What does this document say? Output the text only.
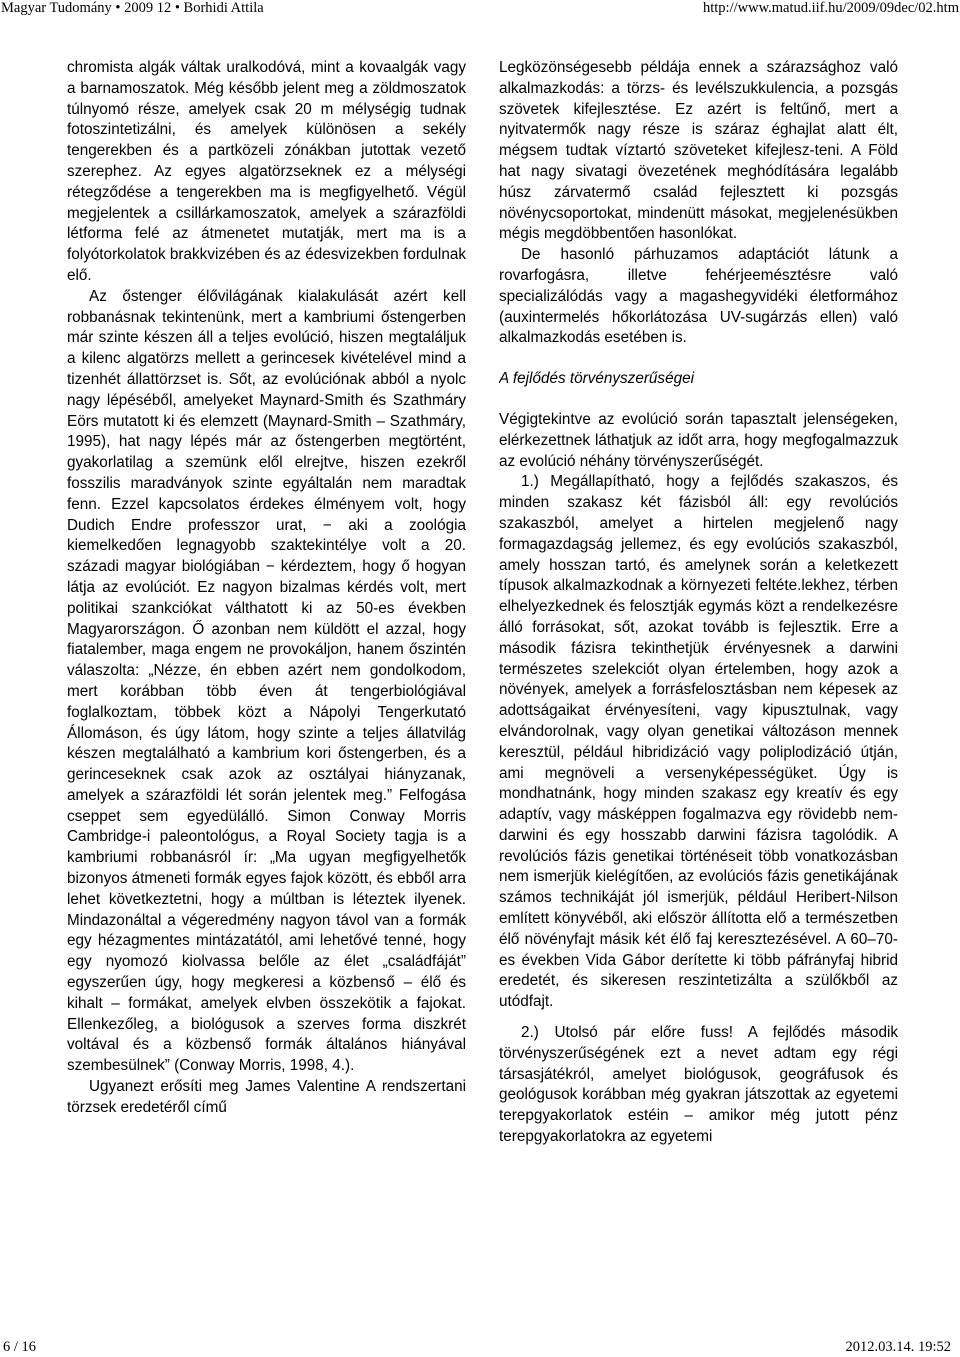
Magyar Tudomány • 2009 12 • Borhidi Attila	http://www.matud.iif.hu/2009/09dec/02.htm

chromista algák váltak uralkodóvá, mint a kovaalgák vagy a barnamoszatok. Még később jelent meg a zöldmoszatok túlnyomó része, amelyek csak 20 m mélységig tudnak fotoszintetizálni, és amelyek különösen a sekély tengerekben és a partközeli zónákban jutottak vezető szerephez. Az egyes algatörzseknek ez a mélységi rétegződése a tengerekben ma is megfigyelhető. Végül megjelentek a csillárkamoszatok, amelyek a szárazföldi létforma felé az átmenetet mutatják, mert ma is a folyótorkolatok brakkvizében és az édesvizekben fordulnak elő.

Az őstenger élővilágának kialakulását azért kell robbanásnak tekintenünk, mert a kambriumi őstengerben már szinte készen áll a teljes evolúció, hiszen megtaláljuk a kilenc algatörzs mellett a gerincesek kivételével mind a tizenhét állattörzset is. Sőt, az evolúciónak abból a nyolc nagy lépéséből, amelyeket Maynard-Smith és Szathmáry Eörs mutatott ki és elemzett (Maynard-Smith – Szathmáry, 1995), hat nagy lépés már az őstengerben megtörtént, gyakorlatilag a szemünk elől elrejtve, hiszen ezekről fosszilis maradványok szinte egyáltalán nem maradtak fenn. Ezzel kapcsolatos érdekes élményem volt, hogy Dudich Endre professzor urat, − aki a zoológia kiemelkedően legnagyobb szaktekintélye volt a 20. századi magyar biológiában − kérdeztem, hogy ő hogyan látja az evolúciót. Ez nagyon bizalmas kérdés volt, mert politikai szankciókat válthatott ki az 50-es években Magyarországon. Ő azonban nem küldött el azzal, hogy fiatalember, maga engem ne provokáljon, hanem őszintén válaszolta: „Nézze, én ebben azért nem gondolkodom, mert korábban több éven át tengerbiológiával foglalkoztam, többek közt a Nápolyi Tengerkutató Állomáson, és úgy látom, hogy szinte a teljes állatvilág készen megtalálható a kambrium kori őstengerben, és a gerinceseknek csak azok az osztályai hiányzanak, amelyek a szárazföldi lét során jelentek meg.” Felfogása cseppet sem egyedülálló. Simon Conway Morris Cambridge-i paleontológus, a Royal Society tagja is a kambriumi robbanásról ír: „Ma ugyan megfigyelhetők bizonyos átmeneti formák egyes fajok között, és ebből arra lehet következtetni, hogy a múltban is léteztek ilyenek. Mindazonáltal a végeredmény nagyon távol van a formák egy hézagmentes mintázatától, ami lehetővé tenné, hogy egy nyomozó kiolvassa belőle az élet „családfáját” egyszerűen úgy, hogy megkeresi a közbenső – élő és kihalt – formákat, amelyek elvben összekötik a fajokat. Ellenkezőleg, a biológusok a szerves forma diszkrét voltával és a közbenső formák általános hiányával szembesülnek” (Conway Morris, 1998, 4.).

Ugyanezt erősíti meg James Valentine A rendszertani törzsek eredetéről című

Legközönségesebb példája ennek a szárazsághoz való alkalmazkodás: a törzs- és levélszukkulencia, a pozsgás szövetek kifejlesztése. Ez azért is feltűnő, mert a nyitvatermők nagy része is száraz éghajlat alatt élt, mégsem tudtak víztartó szöveteket kifejlesz-teni. A Föld hat nagy sivatagi övezetének meghódítására legalább húsz zárvatermő család fejlesztett ki pozsgás növénycsoportokat, mindenütt másokat, megjelenésükben mégis megdöbbentően hasonlókat.

De hasonló párhuzamos adaptációt látunk a rovarfogásra, illetve fehérjeemésztésre való specializálódás vagy a magashegyvidéki életformához (auxintermelés hőkorlátozása UV-sugárzás ellen) való alkalmazkodás esetében is.

A fejlődés törvényszerűségei

Végigtekintve az evolúció során tapasztalt jelenségeken, elérkezettnek láthatjuk az időt arra, hogy megfogalmazzuk az evolúció néhány törvényszerűségét.

1.) Megállapítható, hogy a fejlődés szakaszos, és minden szakasz két fázisból áll: egy revolúciós szakaszból, amelyet a hirtelen megjelenő nagy formagazdagság jellemez, és egy evolúciós szakaszból, amely hosszan tartó, és amelynek során a keletkezett típusok alkalmazkodnak a környezeti feltéte.lekhez, térben elhelyezkednek és felosztják egymás közt a rendelkezésre álló forrásokat, sőt, azokat tovább is fejlesztik. Erre a második fázisra tekinthetjük érvényesnek a darwini természetes szelekciót olyan értelemben, hogy azok a növények, amelyek a forrásfelosztásban nem képesek az adottságaikat érvényesíteni, vagy kipusztulnak, vagy elvándorolnak, vagy olyan genetikai változáson mennek keresztül, például hibridizáció vagy poliplodizáció útján, ami megnöveli a versenyképességüket. Úgy is mondhatnánk, hogy minden szakasz egy kreatív és egy adaptív, vagy másképpen fogalmazva egy rövidebb nem-darwini és egy hosszabb darwini fázisra tagolódik. A revolúciós fázis genetikai történéseit több vonatkozásban nem ismerjük kielégítően, az evolúciós fázis genetikájának számos technikáját jól ismerjük, például Heribert-Nilson említett könyvéből, aki először állította elő a természetben élő növényfajt másik két élő faj keresztezésével. A 60–70-es években Vida Gábor derítette ki több páfrányfaj hibrid eredetét, és sikeresen reszintetizálta a szülőkből az utódfajt.

2.) Utolsó pár előre fuss! A fejlődés második törvényszerűségének ezt a nevet adtam egy régi társasjátékról, amelyet biológusok, geográfusok és geológusok korábban még gyakran játszottak az egyetemi terepgyakorlatok estéin – amikor még jutott pénz terepgyakorlatokra az egyetemi

6 / 16	2012.03.14. 19:52
